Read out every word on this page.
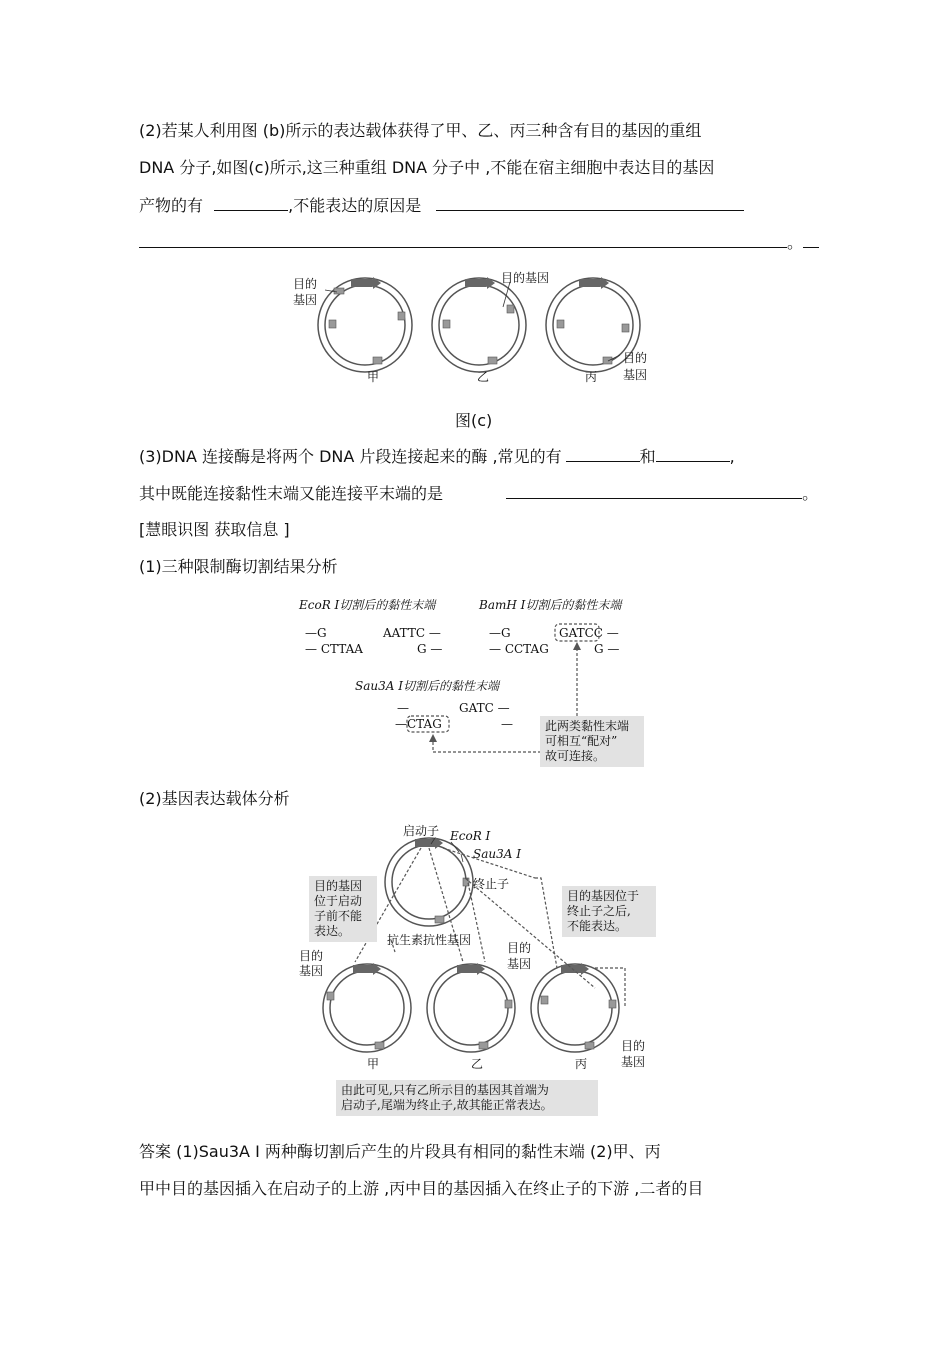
(2)若某人利用图 (b)所示的表达载体获得了甲、乙、丙三种含有目的基因的重组
DNA 分子,如图(c)所示,这三种重组 DNA 分子中 ,不能在宿主细胞中表达目的基因
产物的有	,不能表达的原因是
。
目的
基因
目的基因
目的
基因
甲	乙	丙
图(c)
(3)DNA 连接酶是将两个 DNA 片段连接起来的酶 ,常见的有	和	,
其中既能连接黏性末端又能连接平末端的是	。
[慧眼识图 获取信息 ]
(1)三种限制酶切割结果分析
EcoR Ⅰ切割后的黏性末端	BamH Ⅰ切割后的黏性末端
—G	AATTC —
— CTTAA	G —
—G	GATCC —
— CCTAG	G —
Sau3A Ⅰ切割后的黏性末端
—	GATC —
—CTAG	—	此两类黏性末端
可相互“配对”
故可连接。
(2)基因表达载体分析
启动子 EcoR Ⅰ
Sau3A Ⅰ
终止子
抗生素抗性基因
目的
基因
目的
基因
目的
基因
甲	乙	丙
目的基因
位于启动
子前不能
表达。
目的基因位于
终止子之后,
不能表达。
由此可见,只有乙所示目的基因其首端为
启动子,尾端为终止子,故其能正常表达。
答案 (1)Sau3A Ⅰ 两种酶切割后产生的片段具有相同的黏性末端 (2)甲、丙
甲中目的基因插入在启动子的上游 ,丙中目的基因插入在终止子的下游 ,二者的目
